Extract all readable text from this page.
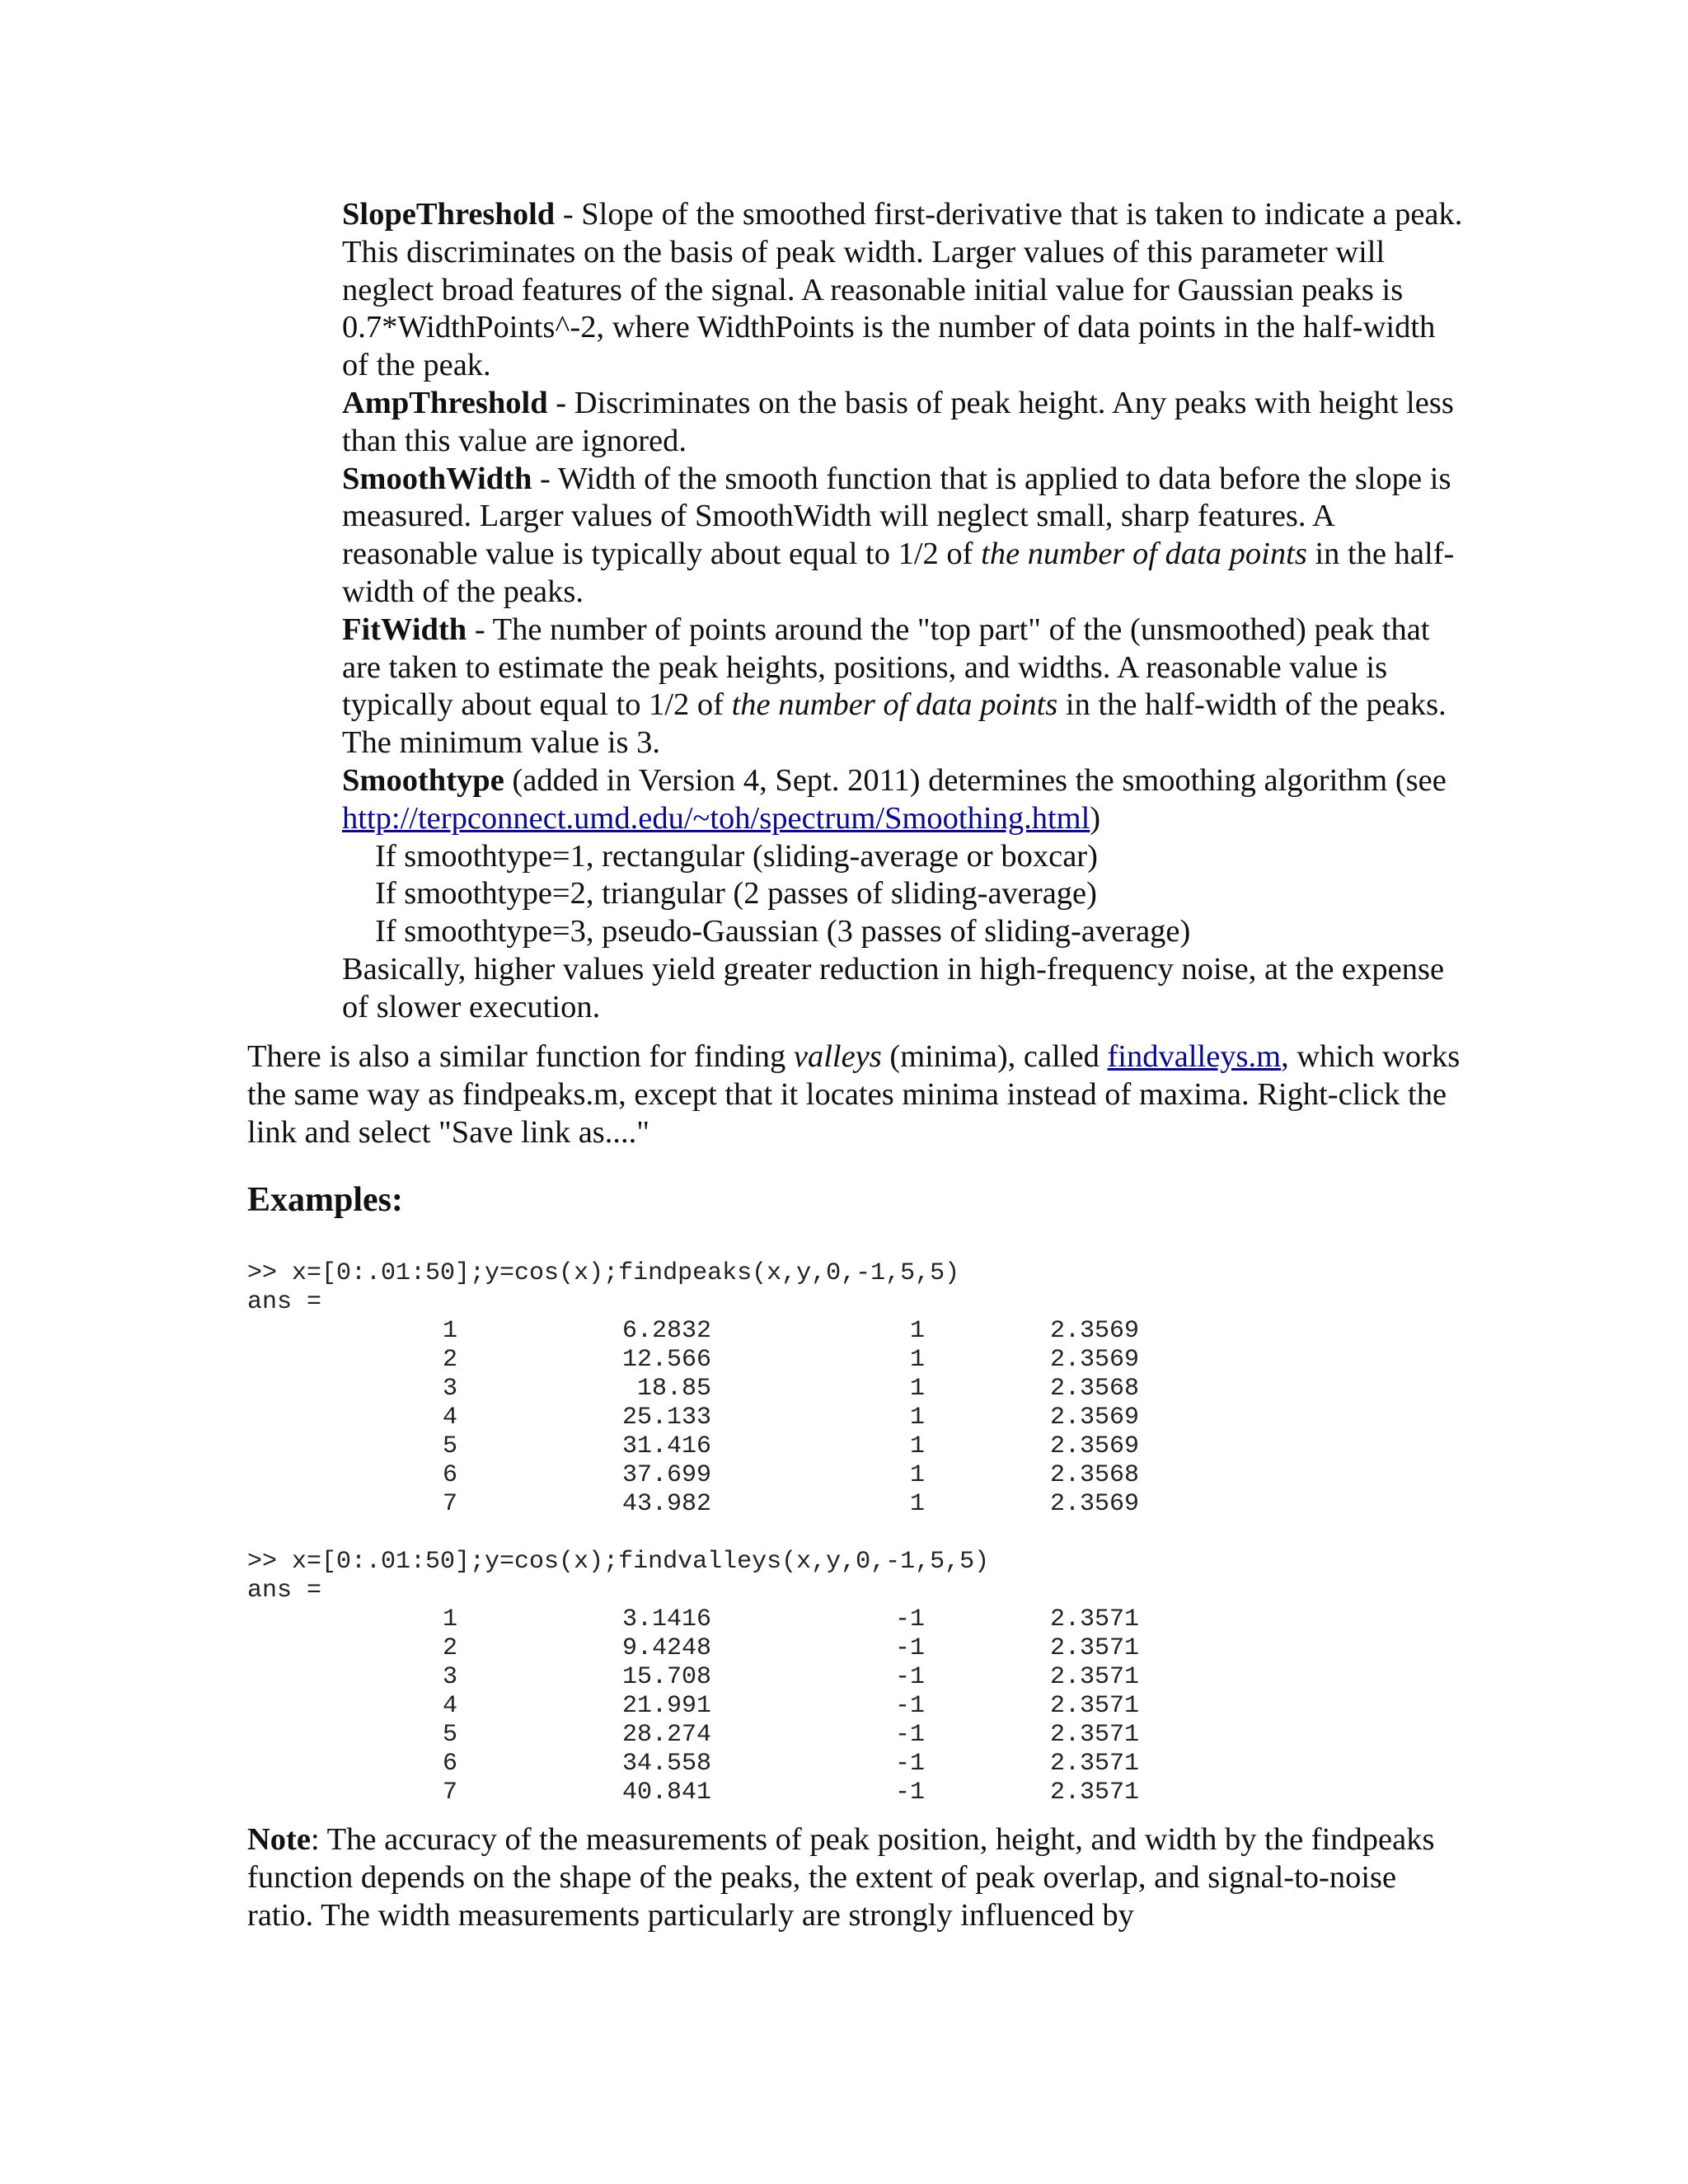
SlopeThreshold - Slope of the smoothed first-derivative that is taken to indicate a peak. This discriminates on the basis of peak width. Larger values of this parameter will neglect broad features of the signal. A reasonable initial value for Gaussian peaks is 0.7*WidthPoints^-2, where WidthPoints is the number of data points in the half-width of the peak.

AmpThreshold - Discriminates on the basis of peak height. Any peaks with height less than this value are ignored.

SmoothWidth - Width of the smooth function that is applied to data before the slope is measured. Larger values of SmoothWidth will neglect small, sharp features. A reasonable value is typically about equal to 1/2 of the number of data points in the half-width of the peaks.

FitWidth - The number of points around the "top part" of the (unsmoothed) peak that are taken to estimate the peak heights, positions, and widths. A reasonable value is typically about equal to 1/2 of the number of data points in the half-width of the peaks. The minimum value is 3.

Smoothtype (added in Version 4, Sept. 2011) determines the smoothing algorithm (see http://terpconnect.umd.edu/~toh/spectrum/Smoothing.html)

If smoothtype=1, rectangular (sliding-average or boxcar)

If smoothtype=2, triangular (2 passes of sliding-average)

If smoothtype=3, pseudo-Gaussian (3 passes of sliding-average)

Basically, higher values yield greater reduction in high-frequency noise, at the expense of slower execution.

There is also a similar function for finding valleys (minima), called findvalleys.m, which works the same way as findpeaks.m, except that it locates minima instead of maxima. Right-click the link and select "Save link as...."

Examples:
>> x=[0:.01:50];y=cos(x);findpeaks(x,y,0,-1,5,5)
ans =
1	6.2832	1	2.3569
2	12.566	1	2.3569
3	18.85	1	2.3568
4	25.133	1	2.3569
5	31.416	1	2.3569
6	37.699	1	2.3568
7	43.982	1	2.3569
>> x=[0:.01:50];y=cos(x);findvalleys(x,y,0,-1,5,5)
ans =
1	3.1416	-1	2.3571
2	9.4248	-1	2.3571
3	15.708	-1	2.3571
4	21.991	-1	2.3571
5	28.274	-1	2.3571
6	34.558	-1	2.3571
7	40.841	-1	2.3571

Note: The accuracy of the measurements of peak position, height, and width by the findpeaks function depends on the shape of the peaks, the extent of peak overlap, and signal-to-noise ratio. The width measurements particularly are strongly influenced by
